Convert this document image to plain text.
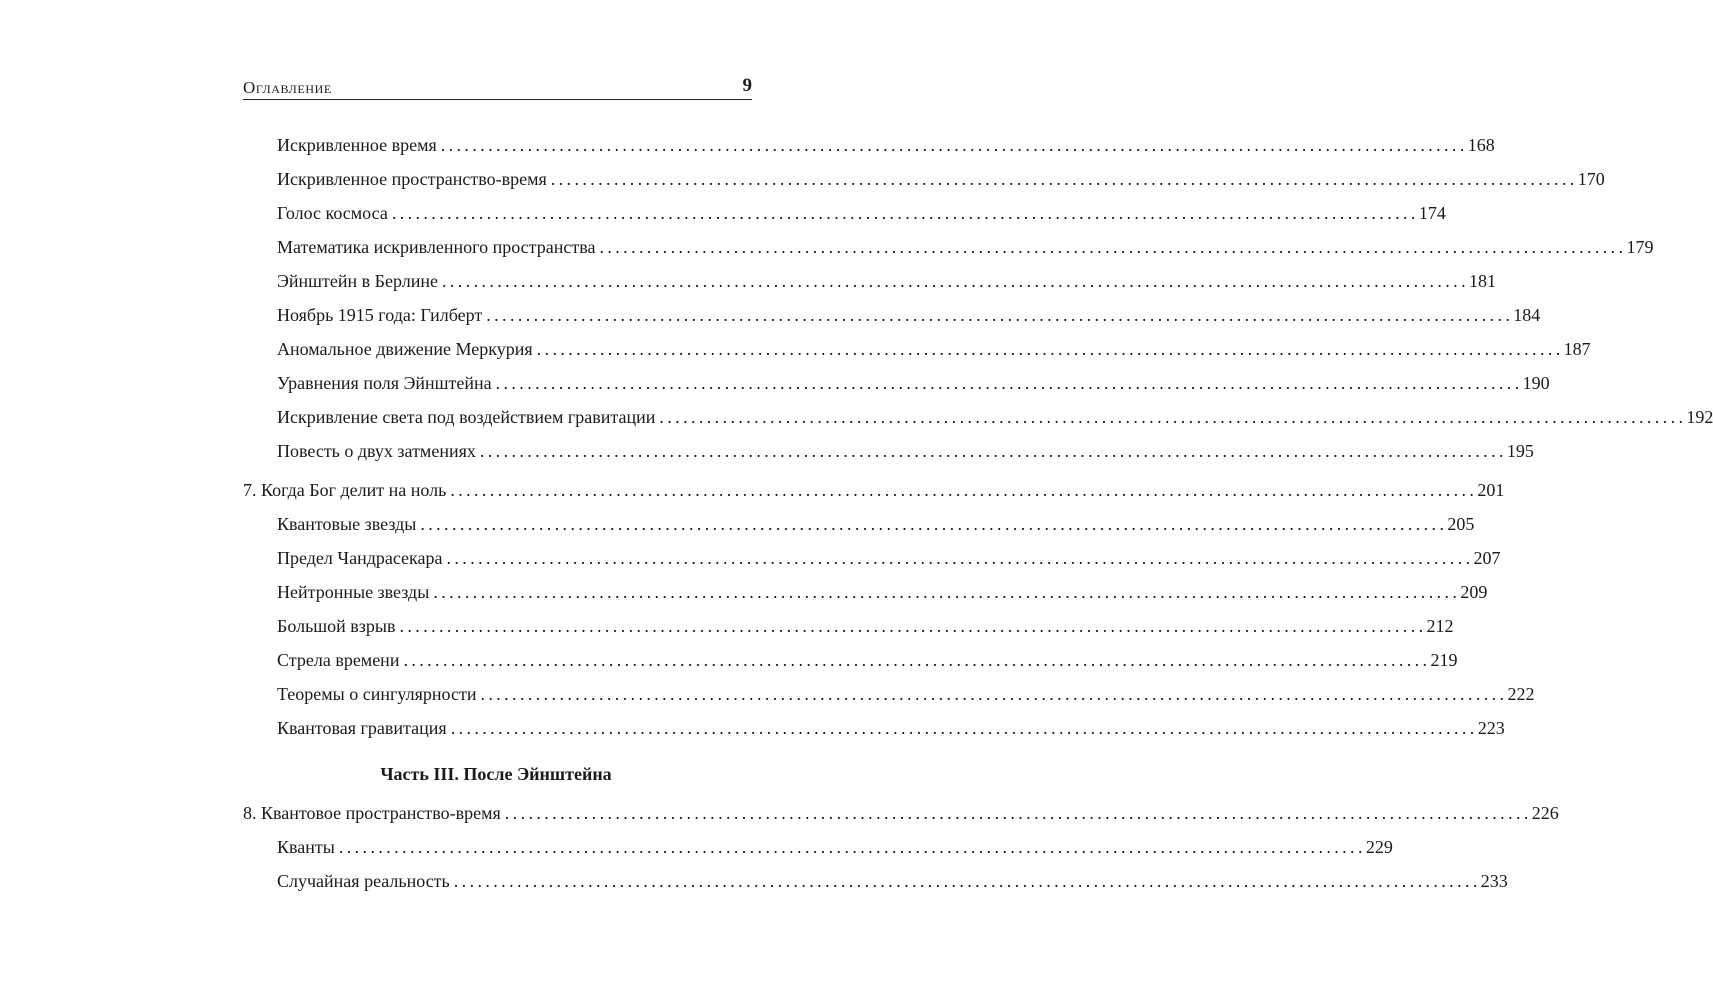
Оглавление	9
Искривленное время .................................................................................................................................. 168
Искривленное пространство-время .................................................................................................................................. 170
Голос космоса .................................................................................................................................. 174
Математика искривленного пространства .................................................................................................................................. 179
Эйнштейн в Берлине .................................................................................................................................. 181
Ноябрь 1915 года: Гилберт .................................................................................................................................. 184
Аномальное движение Меркурия .................................................................................................................................. 187
Уравнения поля Эйнштейна .................................................................................................................................. 190
Искривление света под воздействием гравитации .................................................................................................................................. 192
Повесть о двух затмениях .................................................................................................................................. 195
7. Когда Бог делит на ноль .................................................................................................................................. 201
Квантовые звезды .................................................................................................................................. 205
Предел Чандрасекара .................................................................................................................................. 207
Нейтронные звезды .................................................................................................................................. 209
Большой взрыв .................................................................................................................................. 212
Стрела времени .................................................................................................................................. 219
Теоремы о сингулярности .................................................................................................................................. 222
Квантовая гравитация .................................................................................................................................. 223
Часть III. После Эйнштейна
8. Квантовое пространство-время .................................................................................................................................. 226
Кванты .................................................................................................................................. 229
Случайная реальность .................................................................................................................................. 233
